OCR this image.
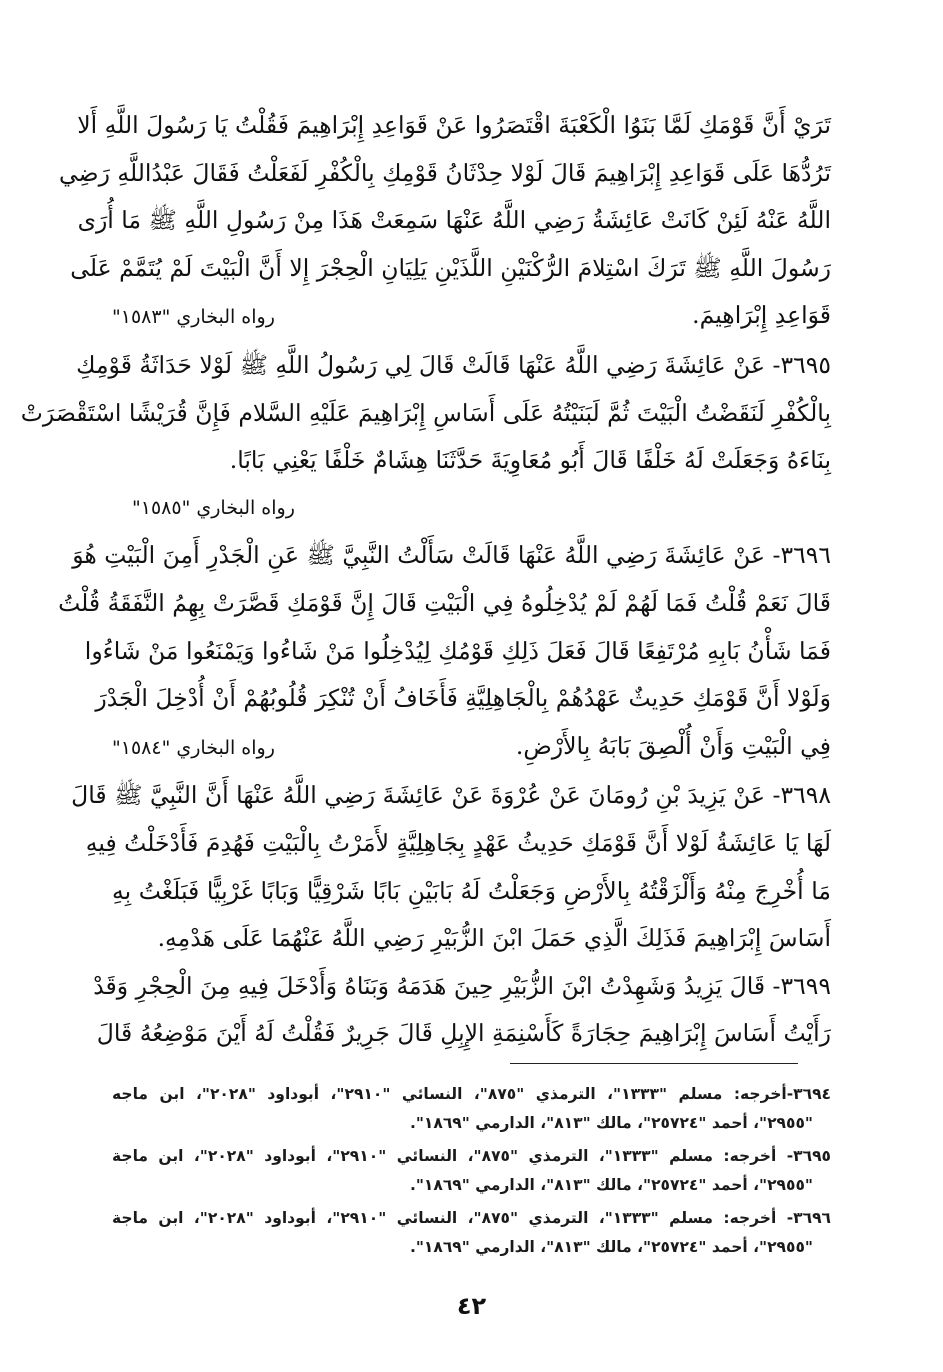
تَرَيْ أَنَّ قَوْمَكِ لَمَّا بَنَوُا الْكَعْبَةَ اقْتَصَرُوا عَنْ قَوَاعِدِ إِبْرَاهِيمَ فَقُلْتُ يَا رَسُولَ اللَّهِ أَلا
تَرُدُّهَا عَلَى قَوَاعِدِ إِبْرَاهِيمَ قَالَ لَوْلا حِدْثَانُ قَوْمِكِ بِالْكُفْرِ لَفَعَلْتُ فَقَالَ عَبْدُاللَّهِ رَضِي
اللَّهُ عَنْهُ لَئِنْ كَانَتْ عَائِشَةُ رَضِي اللَّهُ عَنْهَا سَمِعَتْ هَذَا مِنْ رَسُولِ اللَّهِ ﷺ مَا أُرَى
رَسُولَ اللَّهِ ﷺ تَرَكَ اسْتِلامَ الرُّكْنَيْنِ اللَّذَيْنِ يَلِيَانِ الْحِجْرَ إِلا أَنَّ الْبَيْتَ لَمْ يُتَمَّمْ عَلَى
قَوَاعِدِ إِبْرَاهِيمَ.
رواه البخاري "١٥٨٣"
٣٦٩٥- عَنْ عَائِشَةَ رَضِي اللَّهُ عَنْهَا قَالَتْ قَالَ لِي رَسُولُ اللَّهِ ﷺ لَوْلا حَدَاثَةُ قَوْمِكِ
بِالْكُفْرِ لَنَقَضْتُ الْبَيْتَ ثُمَّ لَبَنَيْتُهُ عَلَى أَسَاسِ إِبْرَاهِيمَ عَلَيْهِ السَّلام فَإِنَّ قُرَيْشًا اسْتَقْصَرَتْ
بِنَاءَهُ وَجَعَلَتْ لَهُ خَلْفًا قَالَ أَبُو مُعَاوِيَةَ حَدَّثَنَا هِشَامٌ خَلْفًا يَعْنِي بَابًا.
رواه البخاري "١٥٨٥"
٣٦٩٦- عَنْ عَائِشَةَ رَضِي اللَّهُ عَنْهَا قَالَتْ سَأَلْتُ النَّبِيَّ ﷺ عَنِ الْجَدْرِ أَمِنَ الْبَيْتِ هُوَ
قَالَ نَعَمْ قُلْتُ فَمَا لَهُمْ لَمْ يُدْخِلُوهُ فِي الْبَيْتِ قَالَ إِنَّ قَوْمَكِ قَصَّرَتْ بِهِمُ النَّفَقَةُ قُلْتُ
فَمَا شَأْنُ بَابِهِ مُرْتَفِعًا قَالَ فَعَلَ ذَلِكِ قَوْمُكِ لِيُدْخِلُوا مَنْ شَاءُوا وَيَمْنَعُوا مَنْ شَاءُوا
وَلَوْلا أَنَّ قَوْمَكِ حَدِيثٌ عَهْدُهُمْ بِالْجَاهِلِيَّةِ فَأَخَافُ أَنْ تُنْكِرَ قُلُوبُهُمْ أَنْ أُدْخِلَ الْجَدْرَ
فِي الْبَيْتِ وَأَنْ أُلْصِقَ بَابَهُ بِالأَرْضِ.
رواه البخاري "١٥٨٤"
٣٦٩٨- عَنْ يَزِيدَ بْنِ رُومَانَ عَنْ عُرْوَةَ عَنْ عَائِشَةَ رَضِي اللَّهُ عَنْهَا أَنَّ النَّبِيَّ ﷺ قَالَ
لَهَا يَا عَائِشَةُ لَوْلا أَنَّ قَوْمَكِ حَدِيثُ عَهْدٍ بِجَاهِلِيَّةٍ لأَمَرْتُ بِالْبَيْتِ فَهُدِمَ فَأَدْخَلْتُ فِيهِ
مَا أُخْرِجَ مِنْهُ وَأَلْزَقْتُهُ بِالأَرْضِ وَجَعَلْتُ لَهُ بَابَيْنِ بَابًا شَرْقِيًّا وَبَابًا غَرْبِيًّا فَبَلَغْتُ بِهِ
أَسَاسَ إِبْرَاهِيمَ فَذَلِكَ الَّذِي حَمَلَ ابْنَ الزُّبَيْرِ رَضِي اللَّهُ عَنْهُمَا عَلَى هَدْمِهِ.
٣٦٩٩- قَالَ يَزِيدُ وَشَهِدْتُ ابْنَ الزُّبَيْرِ حِينَ هَدَمَهُ وَبَنَاهُ وَأَدْخَلَ فِيهِ مِنَ الْحِجْرِ وَقَدْ
رَأَيْتُ أَسَاسَ إِبْرَاهِيمَ حِجَارَةً كَأَسْنِمَةِ الإِبِلِ قَالَ جَرِيرٌ فَقُلْتُ لَهُ أَيْنَ مَوْضِعُهُ قَالَ
٣٦٩٤-أخرجه: مسلم "١٣٣٣"، الترمذي "٨٧٥"، النسائي "٢٩١٠"، أبوداود "٢٠٢٨"، ابن ماجه
"٢٩٥٥"، أحمد "٢٥٧٢٤"، مالك "٨١٣"، الدارمي "١٨٦٩".
٣٦٩٥- أخرجه: مسلم "١٣٣٣"، الترمذي "٨٧٥"، النسائي "٢٩١٠"، أبوداود "٢٠٢٨"، ابن ماجة
"٢٩٥٥"، أحمد "٢٥٧٢٤"، مالك "٨١٣"، الدارمي "١٨٦٩".
٣٦٩٦- أخرجه: مسلم "١٣٣٣"، الترمذي "٨٧٥"، النسائي "٢٩١٠"، أبوداود "٢٠٢٨"، ابن ماجة
"٢٩٥٥"، أحمد "٢٥٧٢٤"، مالك "٨١٣"، الدارمي "١٨٦٩".
٤٢
